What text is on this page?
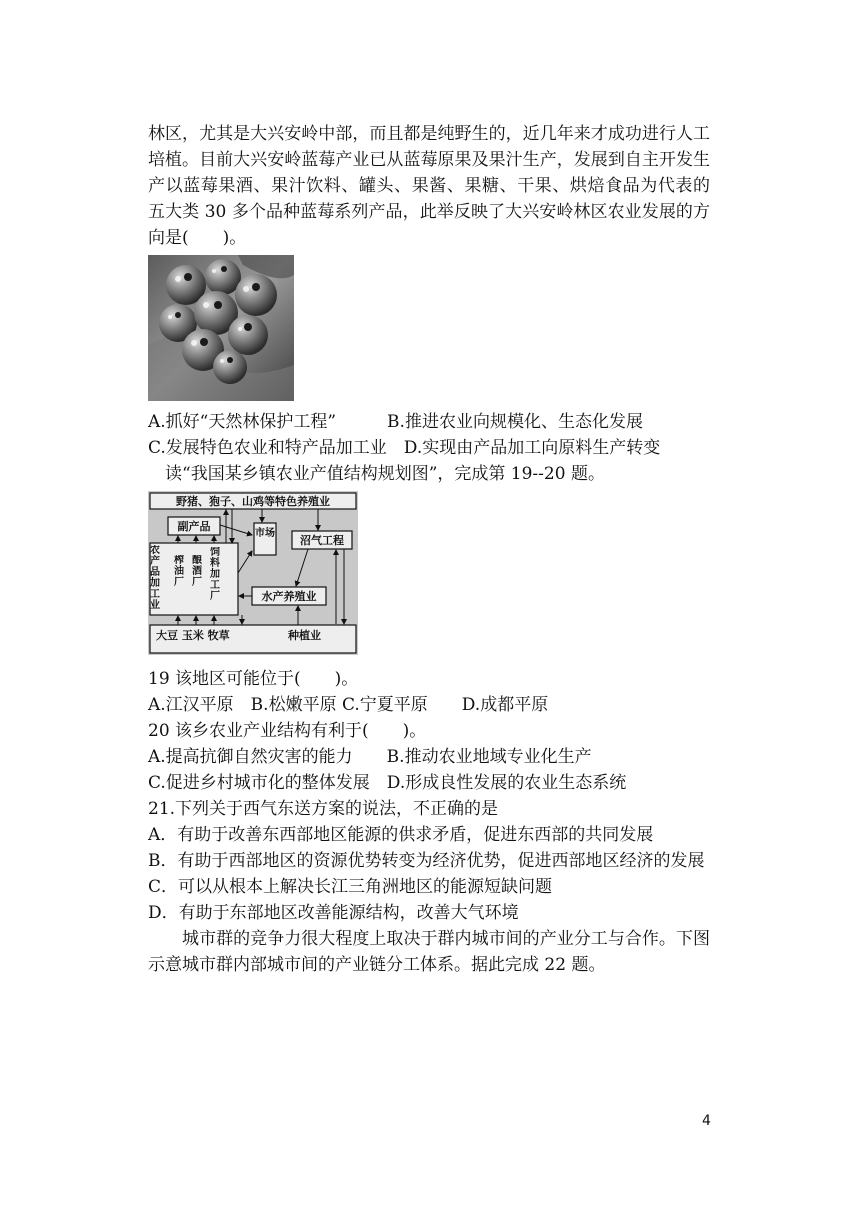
林区，尤其是大兴安岭中部，而且都是纯野生的，近几年来才成功进行人工
培植。目前大兴安岭蓝莓产业已从蓝莓原果及果汁生产，发展到自主开发生
产以蓝莓果酒、果汁饮料、罐头、果酱、果糖、干果、烘焙食品为代表的
五大类 30 多个品种蓝莓系列产品，此举反映了大兴安岭林区农业发展的方
向是(　　)。
A.抓好“天然林保护工程”　　　B.推进农业向规模化、生态化发展
C.发展特色农业和特产品加工业　D.实现由产品加工向原料生产转变
　读“我国某乡镇农业产值结构规划图”，完成第 19--20 题。
野猪、狍子、山鸡等特色养殖业
副产品
市场
沼气工程
农产品加工业
榨油厂
酿酒厂
饲料加工厂	水产养殖业
大豆 玉米 牧草	种植业
19 该地区可能位于(　　)。
A.江汉平原　B.松嫩平原 C.宁夏平原　　D.成都平原
20 该乡农业产业结构有利于(　　)。
A.提高抗御自然灾害的能力　　B.推动农业地域专业化生产
C.促进乡村城市化的整体发展　D.形成良性发展的农业生态系统
21.下列关于西气东送方案的说法，不正确的是
A．有助于改善东西部地区能源的供求矛盾，促进东西部的共同发展
B．有助于西部地区的资源优势转变为经济优势，促进西部地区经济的发展
C．可以从根本上解决长江三角洲地区的能源短缺问题
D．有助于东部地区改善能源结构，改善大气环境
　　城市群的竞争力很大程度上取决于群内城市间的产业分工与合作。下图
示意城市群内部城市间的产业链分工体系。据此完成 22 题。
4
